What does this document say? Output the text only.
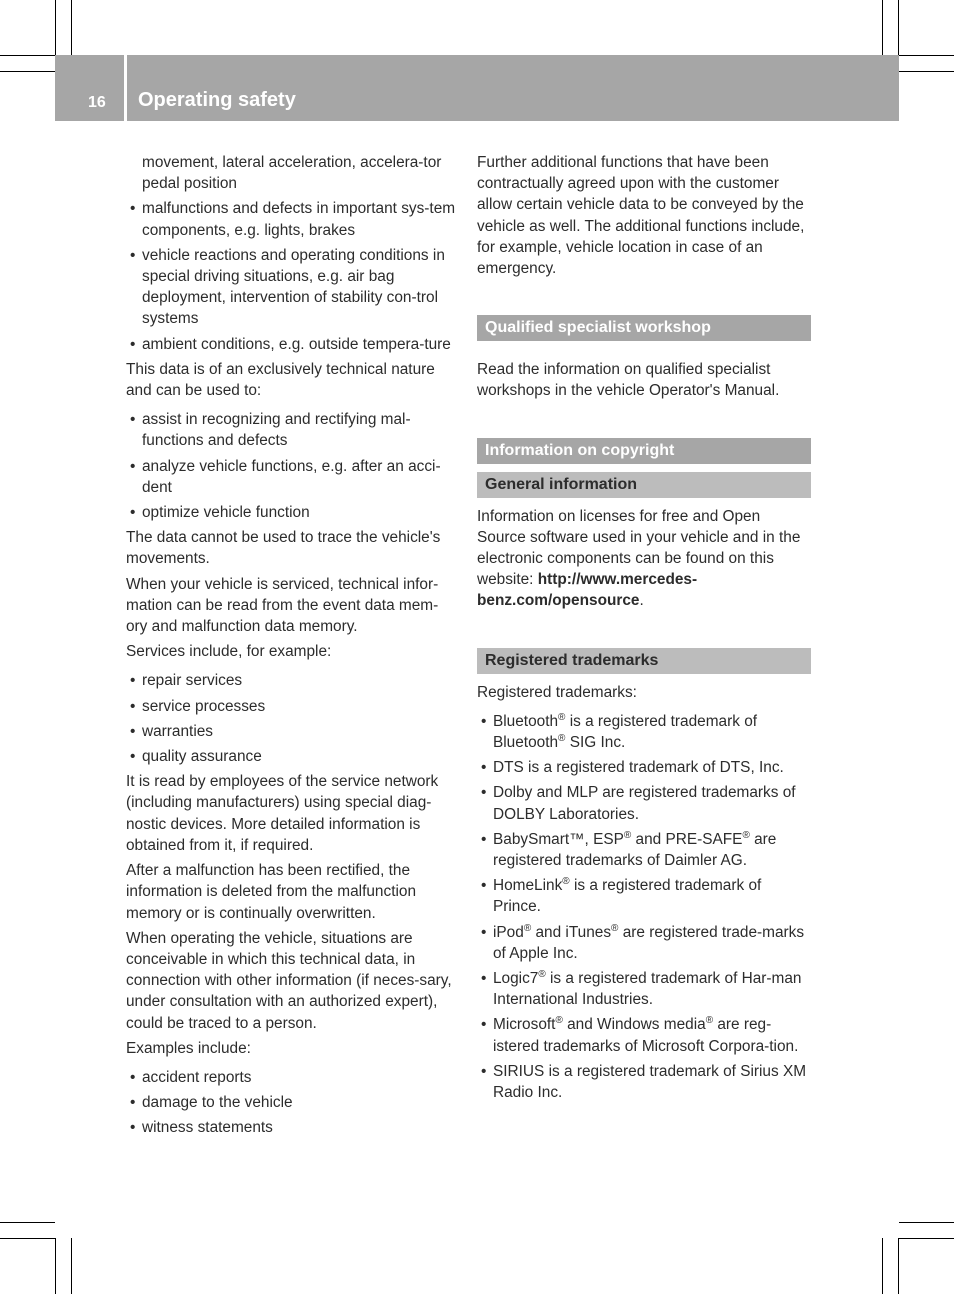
16 Operating safety
movement, lateral acceleration, accelera-tor pedal position
• malfunctions and defects in important sys-tem components, e.g. lights, brakes
• vehicle reactions and operating conditions in special driving situations, e.g. air bag deployment, intervention of stability con-trol systems
• ambient conditions, e.g. outside tempera-ture

This data is of an exclusively technical nature and can be used to:

• assist in recognizing and rectifying mal-functions and defects
• analyze vehicle functions, e.g. after an acci-dent
• optimize vehicle function

The data cannot be used to trace the vehicle's movements.

When your vehicle is serviced, technical infor-mation can be read from the event data mem-ory and malfunction data memory.

Services include, for example:

• repair services
• service processes
• warranties
• quality assurance

It is read by employees of the service network (including manufacturers) using special diag-nostic devices. More detailed information is obtained from it, if required.

After a malfunction has been rectified, the information is deleted from the malfunction memory or is continually overwritten.

When operating the vehicle, situations are conceivable in which this technical data, in connection with other information (if neces-sary, under consultation with an authorized expert), could be traced to a person.

Examples include:

• accident reports
• damage to the vehicle
• witness statements

Further additional functions that have been contractually agreed upon with the customer allow certain vehicle data to be conveyed by the vehicle as well. The additional functions include, for example, vehicle location in case of an emergency.

Qualified specialist workshop

Read the information on qualified specialist workshops in the vehicle Operator's Manual.

Information on copyright
General information

Information on licenses for free and Open Source software used in your vehicle and in the electronic components can be found on this website: http://www.mercedes-benz.com/opensource.

Registered trademarks

Registered trademarks:

• Bluetooth® is a registered trademark of Bluetooth® SIG Inc.
• DTS is a registered trademark of DTS, Inc.
• Dolby and MLP are registered trademarks of DOLBY Laboratories.
• BabySmart™, ESP® and PRE-SAFE® are registered trademarks of Daimler AG.
• HomeLink® is a registered trademark of Prince.
• iPod® and iTunes® are registered trade-marks of Apple Inc.
• Logic7® is a registered trademark of Har-man International Industries.
• Microsoft® and Windows media® are reg-istered trademarks of Microsoft Corpora-tion.
• SIRIUS is a registered trademark of Sirius XM Radio Inc.
